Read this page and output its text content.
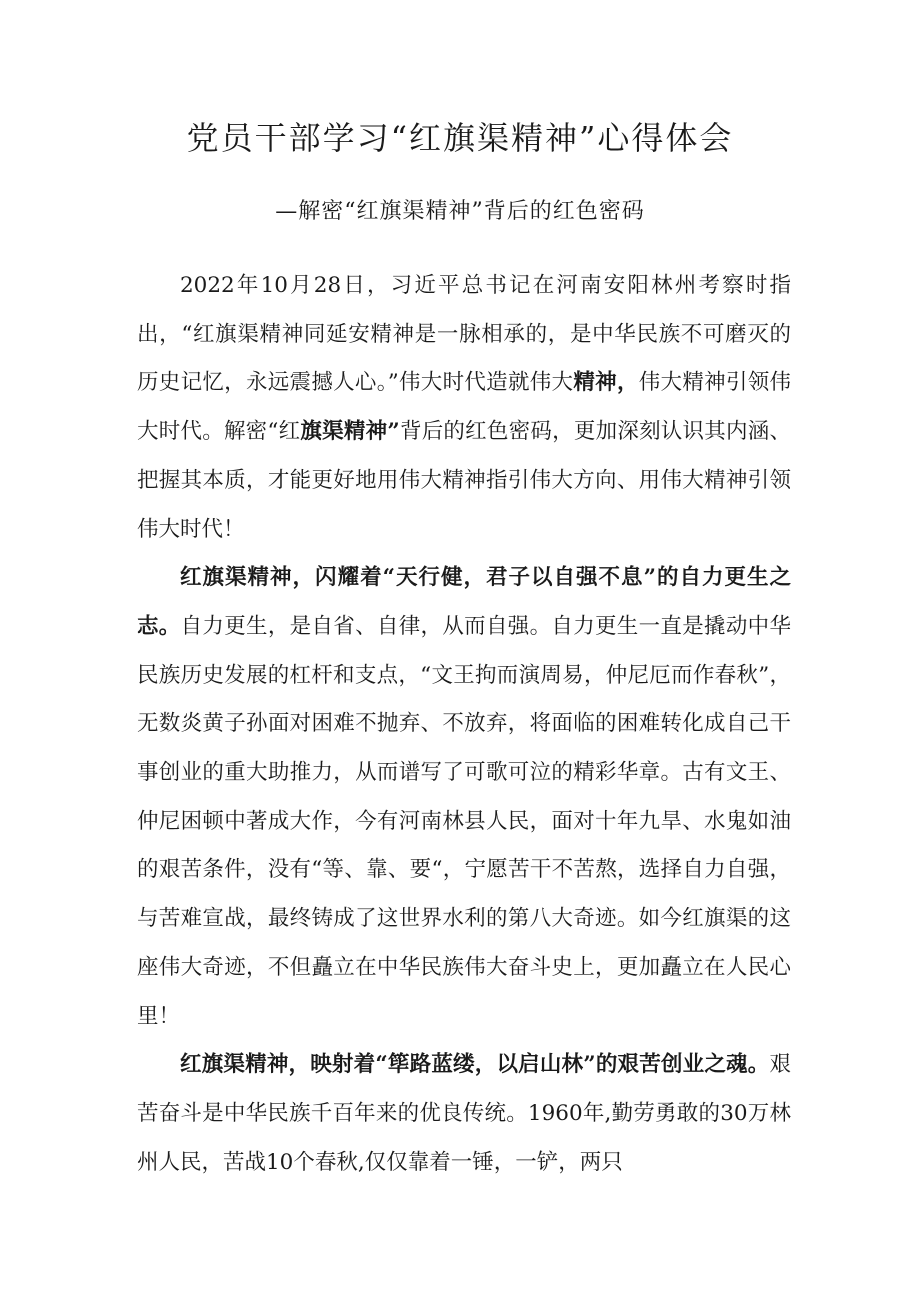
党员干部学习“红旗渠精神”心得体会
—解密“红旗渠精神”背后的红色密码

2022年10月28日，习近平总书记在河南安阳林州考察时指出，“红旗渠精神同延安精神是一脉相承的，是中华民族不可磨灭的历史记忆，永远震撼人心。”伟大时代造就伟大精神，伟大精神引领伟大时代。解密“红旗渠精神”背后的红色密码，更加深刻认识其内涵、把握其本质，才能更好地用伟大精神指引伟大方向、用伟大精神引领伟大时代！

红旗渠精神，闪耀着“天行健，君子以自强不息”的自力更生之志。自力更生，是自省、自律，从而自强。自力更生一直是撬动中华民族历史发展的杠杆和支点，“文王拘而演周易，仲尼厄而作春秋”，无数炎黄子孙面对困难不抛弃、不放弃，将面临的困难转化成自己干事创业的重大助推力，从而谱写了可歌可泣的精彩华章。古有文王、仲尼困顿中著成大作，今有河南林县人民，面对十年九旱、水鬼如油的艰苦条件，没有“等、靠、要“，宁愿苦干不苦熬，选择自力自强，与苦难宣战，最终铸成了这世界水利的第八大奇迹。如今红旗渠的这座伟大奇迹，不但矗立在中华民族伟大奋斗史上，更加矗立在人民心里！

红旗渠精神，映射着“筚路蓝缕，以启山林”的艰苦创业之魂。艰苦奋斗是中华民族千百年来的优良传统。1960年,勤劳勇敢的30万林州人民，苦战10个春秋,仅仅靠着一锤，一铲，两只
